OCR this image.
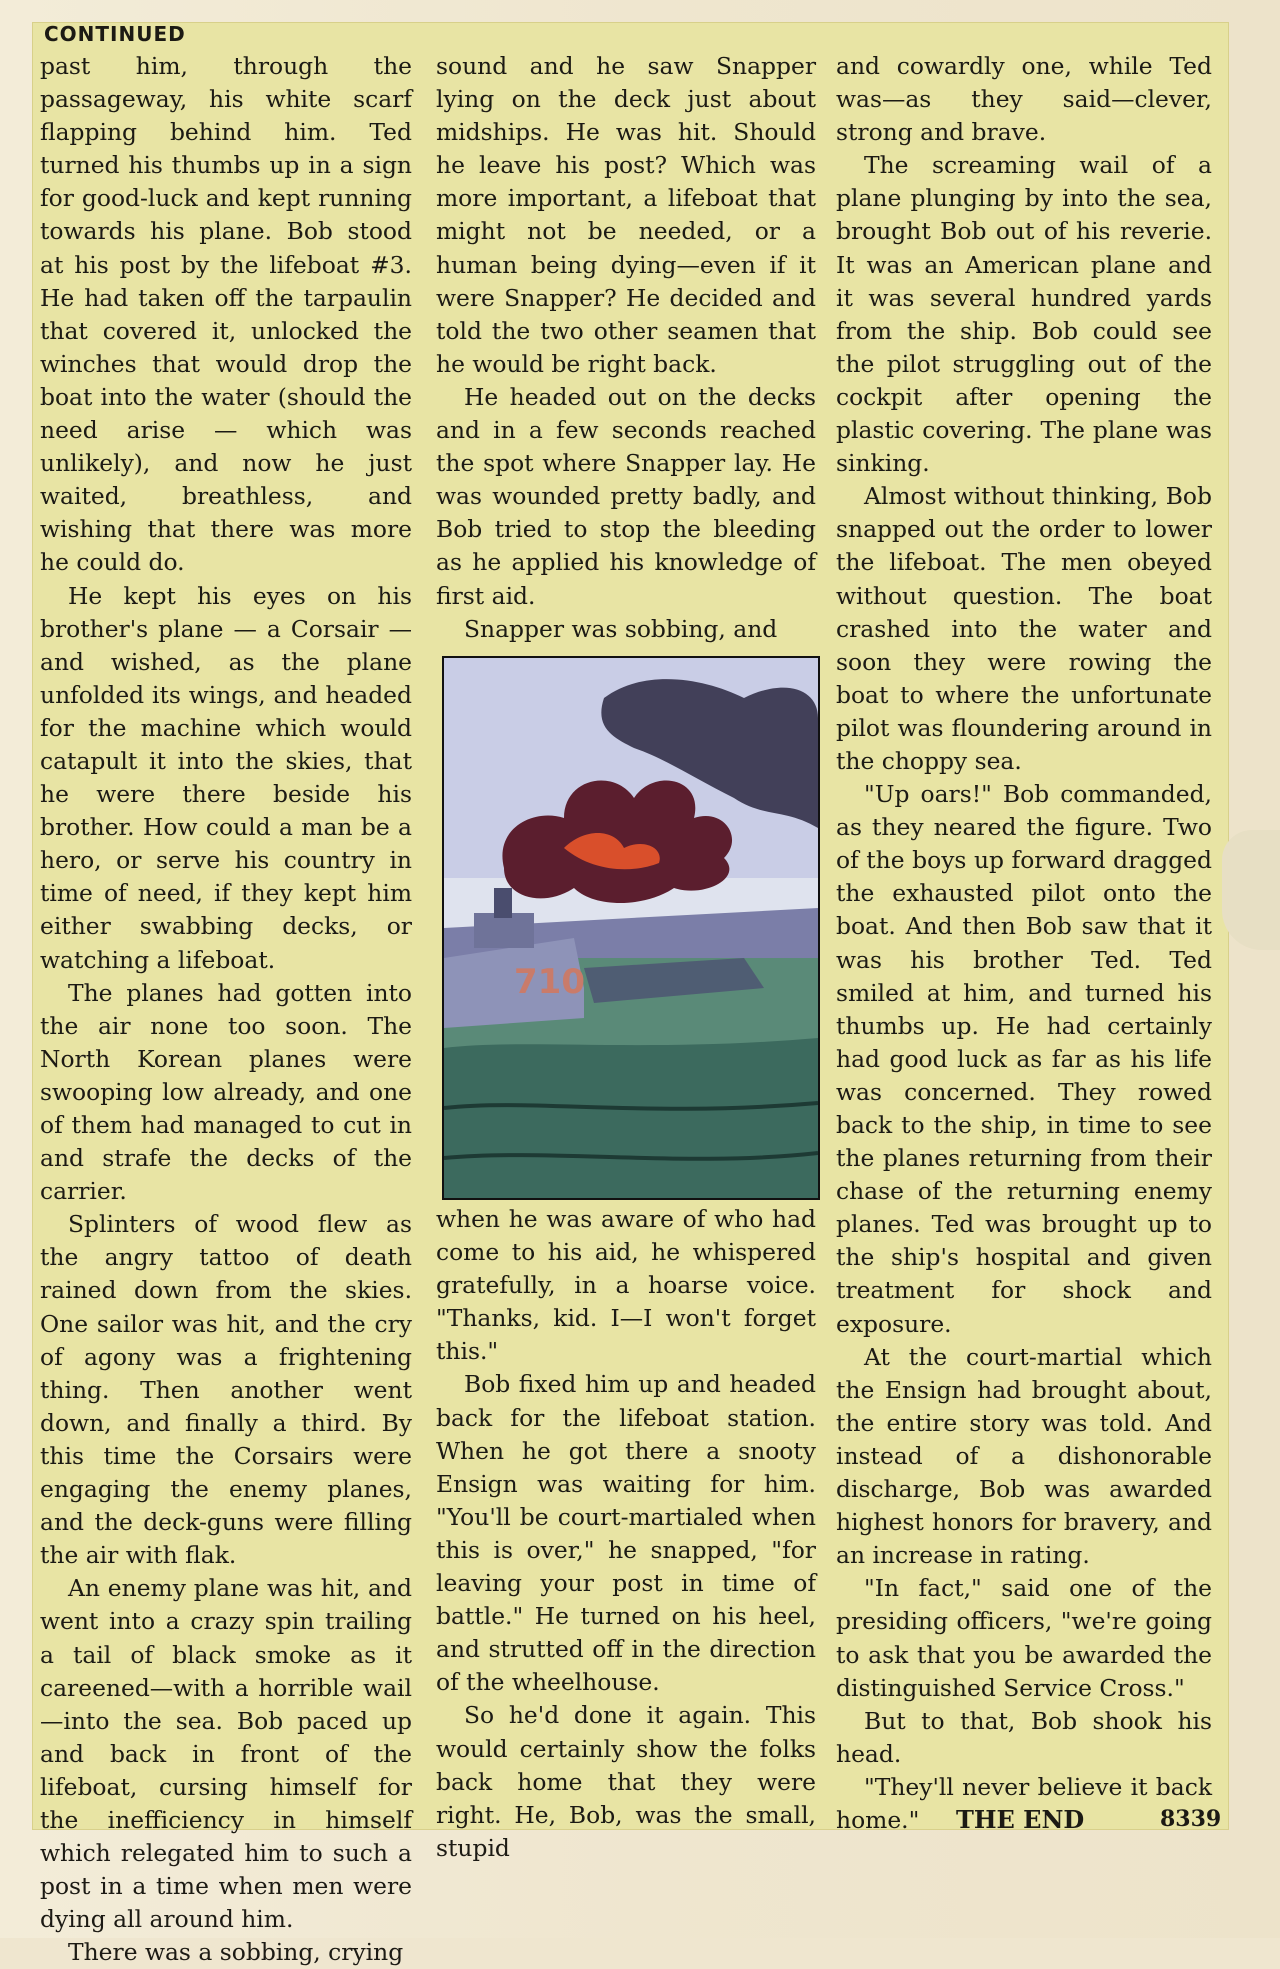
CONTINUED

past him, through the passageway, his white scarf flapping behind him. Ted turned his thumbs up in a sign for good-luck and kept running towards his plane. Bob stood at his post by the lifeboat #3. He had taken off the tarpaulin that covered it, unlocked the winches that would drop the boat into the water (should the need arise — which was unlikely), and now he just waited, breathless, and wishing that there was more he could do.

He kept his eyes on his brother's plane — a Corsair — and wished, as the plane unfolded its wings, and headed for the machine which would catapult it into the skies, that he were there beside his brother. How could a man be a hero, or serve his country in time of need, if they kept him either swabbing decks, or watching a lifeboat.

The planes had gotten into the air none too soon. The North Korean planes were swooping low already, and one of them had managed to cut in and strafe the decks of the carrier.

Splinters of wood flew as the angry tattoo of death rained down from the skies. One sailor was hit, and the cry of agony was a frightening thing. Then another went down, and finally a third. By this time the Corsairs were engaging the enemy planes, and the deck-guns were filling the air with flak.

An enemy plane was hit, and went into a crazy spin trailing a tail of black smoke as it careened—with a horrible wail—into the sea. Bob paced up and back in front of the lifeboat, cursing himself for the inefficiency in himself which relegated him to such a post in a time when men were dying all around him.

There was a sobbing, crying

sound and he saw Snapper lying on the deck just about midships. He was hit. Should he leave his post? Which was more important, a lifeboat that might not be needed, or a human being dying—even if it were Snapper? He decided and told the two other seamen that he would be right back.

He headed out on the decks and in a few seconds reached the spot where Snapper lay. He was wounded pretty badly, and Bob tried to stop the bleeding as he applied his knowledge of first aid.

Snapper was sobbing, and

710

when he was aware of who had come to his aid, he whispered gratefully, in a hoarse voice. "Thanks, kid. I—I won't forget this."

Bob fixed him up and headed back for the lifeboat station. When he got there a snooty Ensign was waiting for him. "You'll be court-martialed when this is over," he snapped, "for leaving your post in time of battle." He turned on his heel, and strutted off in the direction of the wheelhouse.

So he'd done it again. This would certainly show the folks back home that they were right. He, Bob, was the small, stupid

and cowardly one, while Ted was—as they said—clever, strong and brave.

The screaming wail of a plane plunging by into the sea, brought Bob out of his reverie. It was an American plane and it was several hundred yards from the ship. Bob could see the pilot struggling out of the cockpit after opening the plastic covering. The plane was sinking.

Almost without thinking, Bob snapped out the order to lower the lifeboat. The men obeyed without question. The boat crashed into the water and soon they were rowing the boat to where the unfortunate pilot was floundering around in the choppy sea.

"Up oars!" Bob commanded, as they neared the figure. Two of the boys up forward dragged the exhausted pilot onto the boat. And then Bob saw that it was his brother Ted. Ted smiled at him, and turned his thumbs up. He had certainly had good luck as far as his life was concerned. They rowed back to the ship, in time to see the planes returning from their chase of the returning enemy planes. Ted was brought up to the ship's hospital and given treatment for shock and exposure.

At the court-martial which the Ensign had brought about, the entire story was told. And instead of a dishonorable discharge, Bob was awarded highest honors for bravery, and an increase in rating.

"In fact," said one of the presiding officers, "we're going to ask that you be awarded the distinguished Service Cross."

But to that, Bob shook his head.

"They'll never believe it back home."	THE END	8339
